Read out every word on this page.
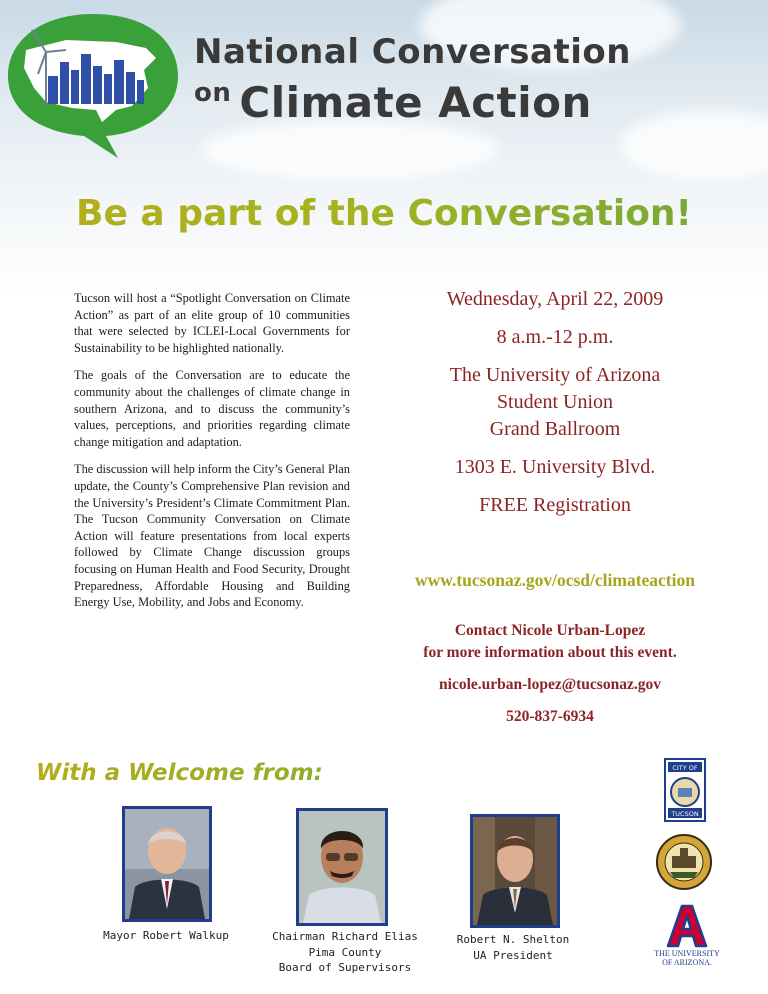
National Conversation
$^{on}$ Climate Action
Be a part of the Conversation!

Tucson will host a “Spotlight Conversation on Climate Action” as part of an elite group of 10 communities that were selected by ICLEI-Local Governments for Sustainability to be highlighted nationally.

The goals of the Conversation are to educate the community about the challenges of climate change in southern Arizona, and to discuss the community’s values, perceptions, and priorities regarding climate change mitigation and adaptation.

The discussion will help inform the City’s General Plan update, the County’s Comprehensive Plan revision and the University’s President’s Climate Commitment Plan. The Tucson Community Conversation on Climate Action will feature presentations from local experts followed by Climate Change discussion groups focusing on Human Health and Food Security, Drought Preparedness, Affordable Housing and Building Energy Use, Mobility, and Jobs and Economy.

Wednesday, April 22, 2009
8 a.m.-12 p.m.
The University of Arizona
Student Union
Grand Ballroom
1303 E. University Blvd.
FREE Registration
www.tucsonaz.gov/ocsd/climateaction
Contact Nicole Urban-Lopez
for more information about this event.
nicole.urban-lopez@tucsonaz.gov
520-837-6934
With a Welcome from:
Mayor Robert Walkup	Chairman Richard Elias
Pima County
Board of Supervisors
Robert N. Shelton
UA President
CITY OF
TUCSON
THE UNIVERSITY
OF ARIZONA.
